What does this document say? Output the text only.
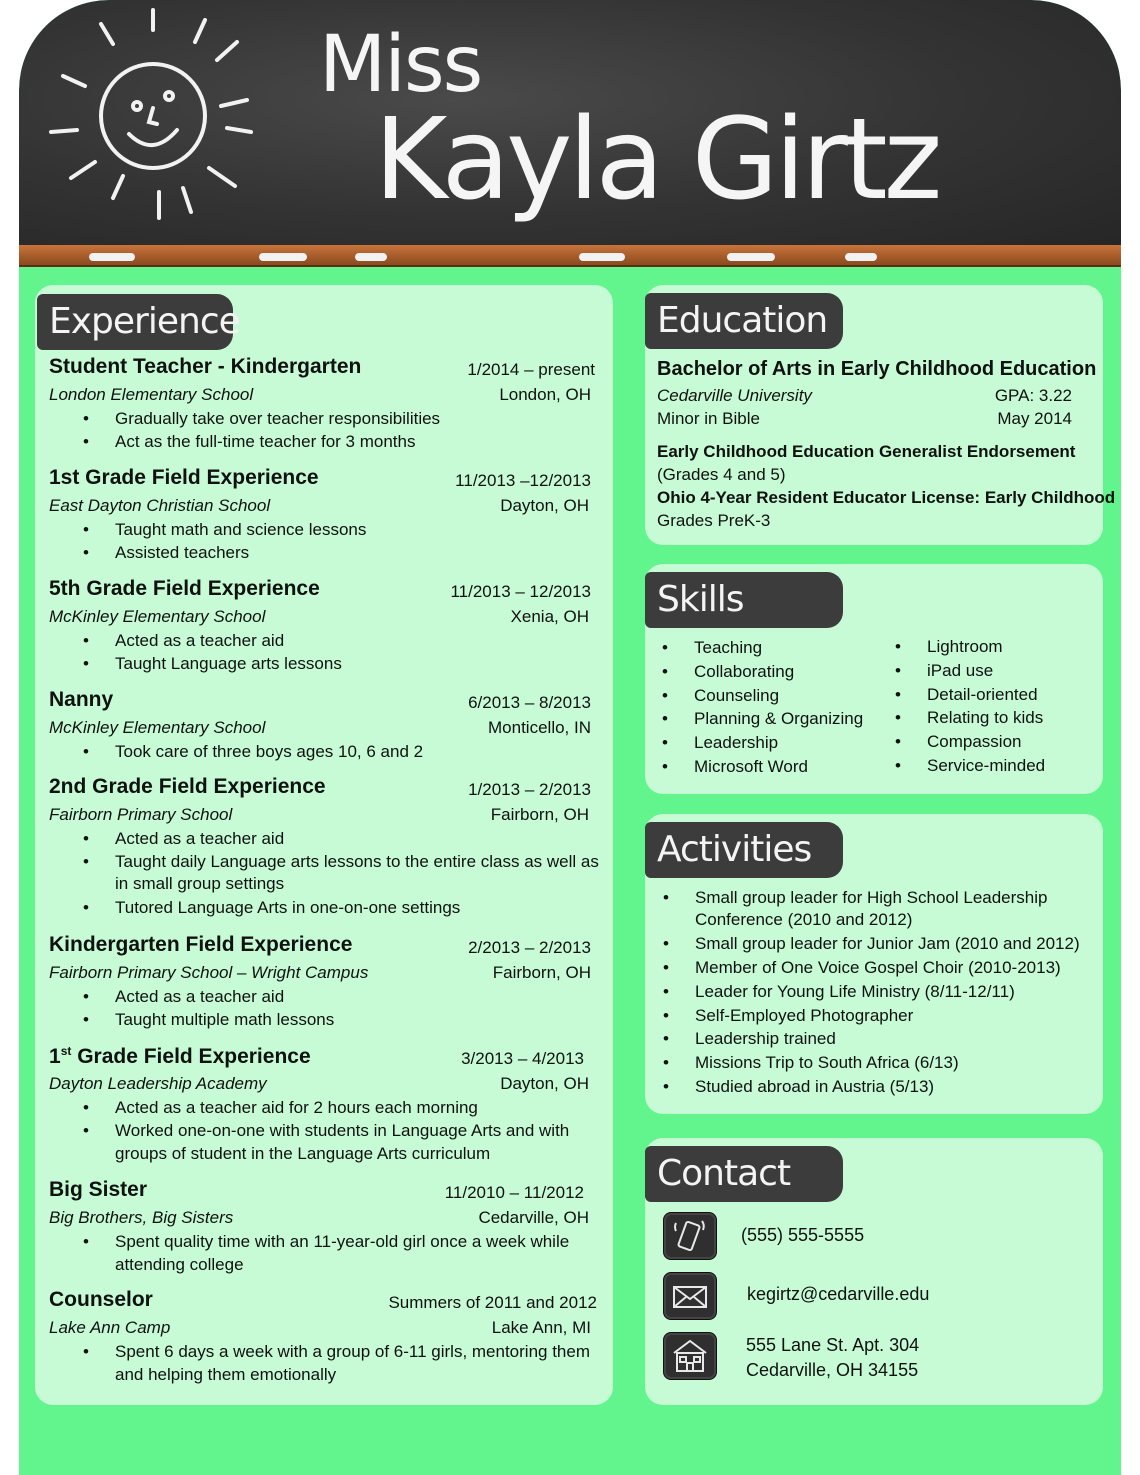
Miss
Kayla Girtz
Experience
Student Teacher - Kindergarten	1/2014 – present
London Elementary School	London, OH
• Gradually take over teacher responsibilities
• Act as the full-time teacher for 3 months
1st Grade Field Experience	11/2013 –12/2013
East Dayton Christian School	Dayton, OH
• Taught math and science lessons
• Assisted teachers
5th Grade Field Experience	11/2013 – 12/2013
McKinley Elementary School	Xenia, OH
• Acted as a teacher aid
• Taught Language arts lessons
Nanny	6/2013 – 8/2013
McKinley Elementary School	Monticello, IN
• Took care of three boys ages 10, 6 and 2
2nd Grade Field Experience	1/2013 – 2/2013
Fairborn Primary School	Fairborn, OH
• Acted as a teacher aid
• Taught daily Language arts lessons to the entire class as well as
in small group settings
• Tutored Language Arts in one-on-one settings
Kindergarten Field Experience	2/2013 – 2/2013
Fairborn Primary School – Wright Campus	Fairborn, OH
• Acted as a teacher aid
• Taught multiple math lessons
1st Grade Field Experience	3/2013 – 4/2013
Dayton Leadership Academy	Dayton, OH
• Acted as a teacher aid for 2 hours each morning
• Worked one-on-one with students in Language Arts and with
groups of student in the Language Arts curriculum
Big Sister	11/2010 – 11/2012
Big Brothers, Big Sisters	Cedarville, OH
• Spent quality time with an 11-year-old girl once a week while
attending college
Counselor	Summers of 2011 and 2012
Lake Ann Camp	Lake Ann, MI
• Spent 6 days a week with a group of 6-11 girls, mentoring them
and helping them emotionally
Education
Bachelor of Arts in Early Childhood Education
Cedarville University	GPA: 3.22
Minor in Bible	May 2014
Early Childhood Education Generalist Endorsement
(Grades 4 and 5)
Ohio 4-Year Resident Educator License: Early Childhood
Grades PreK-3
Skills
• Teaching
• Collaborating
• Counseling
• Planning & Organizing
• Leadership
• Microsoft Word
• Lightroom
• iPad use
• Detail-oriented
• Relating to kids
• Compassion
• Service-minded
Activities
• Small group leader for High School Leadership
Conference (2010 and 2012)
• Small group leader for Junior Jam (2010 and 2012)
• Member of One Voice Gospel Choir (2010-2013)
• Leader for Young Life Ministry (8/11-12/11)
• Self-Employed Photographer
• Leadership trained
• Missions Trip to South Africa (6/13)
• Studied abroad in Austria (5/13)
Contact
(555) 555-5555
kegirtz@cedarville.edu
555 Lane St. Apt. 304
Cedarville, OH 34155
